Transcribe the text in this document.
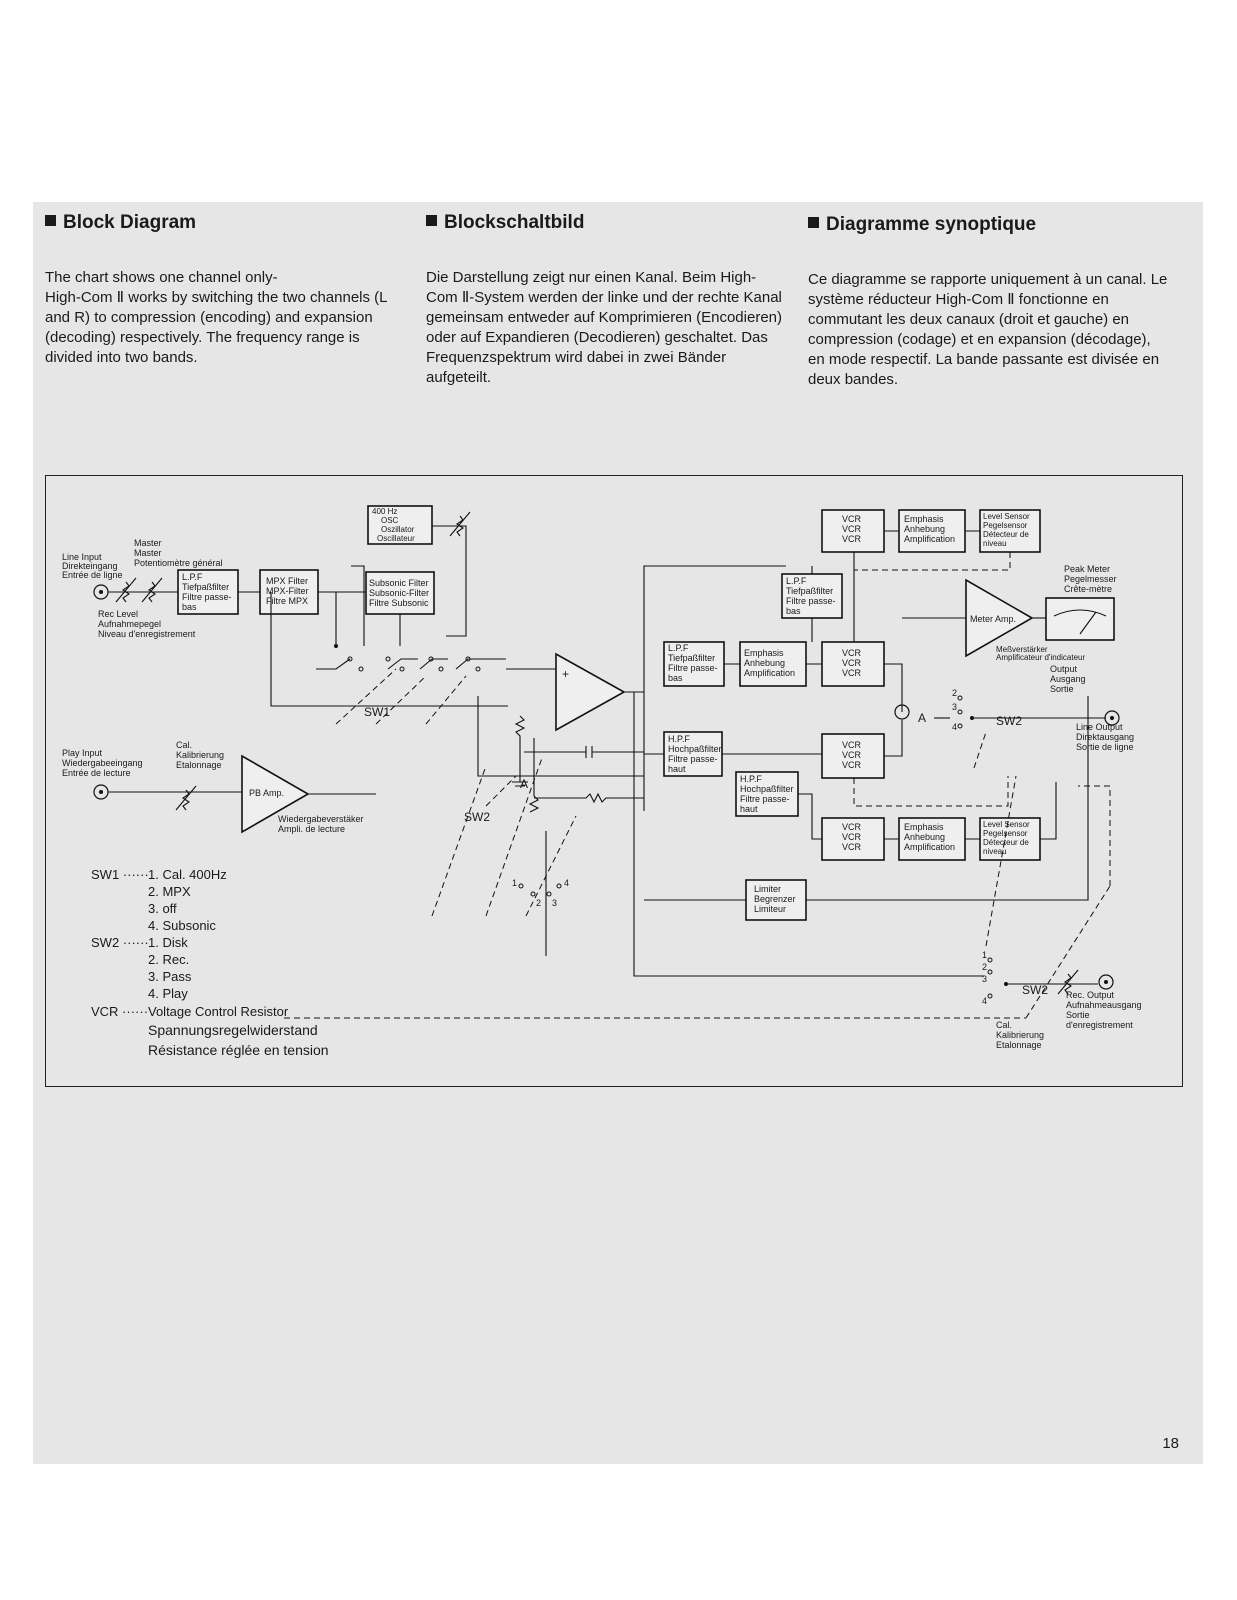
Block Diagram

The chart shows one channel only-
High-Com Ⅱ works by switching the two channels (L and R) to compression (encoding) and expansion (decoding) respectively. The frequency range is divided into two bands.

Blockschaltbild

Die Darstellung zeigt nur einen Kanal. Beim High-Com Ⅱ-System werden der linke und der rechte Kanal gemeinsam entweder auf Komprimieren (Encodieren) oder auf Expandieren (Decodieren) geschaltet. Das Frequenzspektrum wird dabei in zwei Bänder aufgeteilt.

Diagramme synoptique

Ce diagramme se rapporte uniquement à un canal. Le système réducteur High-Com Ⅱ fonctionne en commutant les deux canaux (droit et gauche) en compression (codage) et en expansion (décodage), en mode respectif. La bande passante est divisée en deux bandes.

Line Input
Direkteingang
Entrée de ligne
Master
Master
Potentiomètre général
Rec Level
Aufnahmepegel
Niveau d'enregistrement
L.P.F
Tiefpaßfilter
Filtre passe-
bas
MPX Filter
MPX-Filter
Filtre MPX
Subsonic Filter
Subsonic-Filter
Filtre Subsonic
400 Hz
OSC
Oszillator
Oscillateur
SW1
+
A
SW2
1
2 3
4
Play Input
Wiedergabeeingang
Entrée de lecture
Cal.
Kalibrierung
Etalonnage
PB Amp.
Wiedergabeverstäker
Ampli. de lecture
VCR
VCR
VCR
Emphasis
Anhebung
Amplification
Level Sensor
Pegelsensor
Détecteur de
niveau
L.P.F
Tiefpaßfilter
Filtre passe-
bas
L.P.F
Tiefpaßfilter
Filtre passe-
bas
Emphasis
Anhebung
Amplification
VCR
VCR
VCR
Meter Amp.
Meßverstärker
Amplificateur d'indicateur
Peak Meter
Pegelmesser
Crête-mètre
Output
Ausgang
Sortie
A
2
3
4	SW2	Line Output
Direktausgang
Sortie de ligne
H.P.F
Hochpaßfilter
Filtre passe-
haut
VCR
VCR
VCR
H.P.F
Hochpaßfilter
Filtre passe-
haut
VCR
VCR
VCR
Emphasis
Anhebung
Amplification
Level Sensor
Pegelsensor
Détecteur de
niveau
Limiter
Begrenzer
Limiteur
1
2
3
4
SW2 Rec. Output
Aufnahmeausgang
Sortie
d'enregistrement
Cal.
Kalibrierung
Etalonnage
SW1 ······1. Cal. 400Hz
2. MPX
3. off
4. Subsonic
SW2 ······1. Disk
2. Rec.
3. Pass
4. Play
VCR ······Voltage Control Resistor
Spannungsregelwiderstand
Résistance réglée en tension
18
